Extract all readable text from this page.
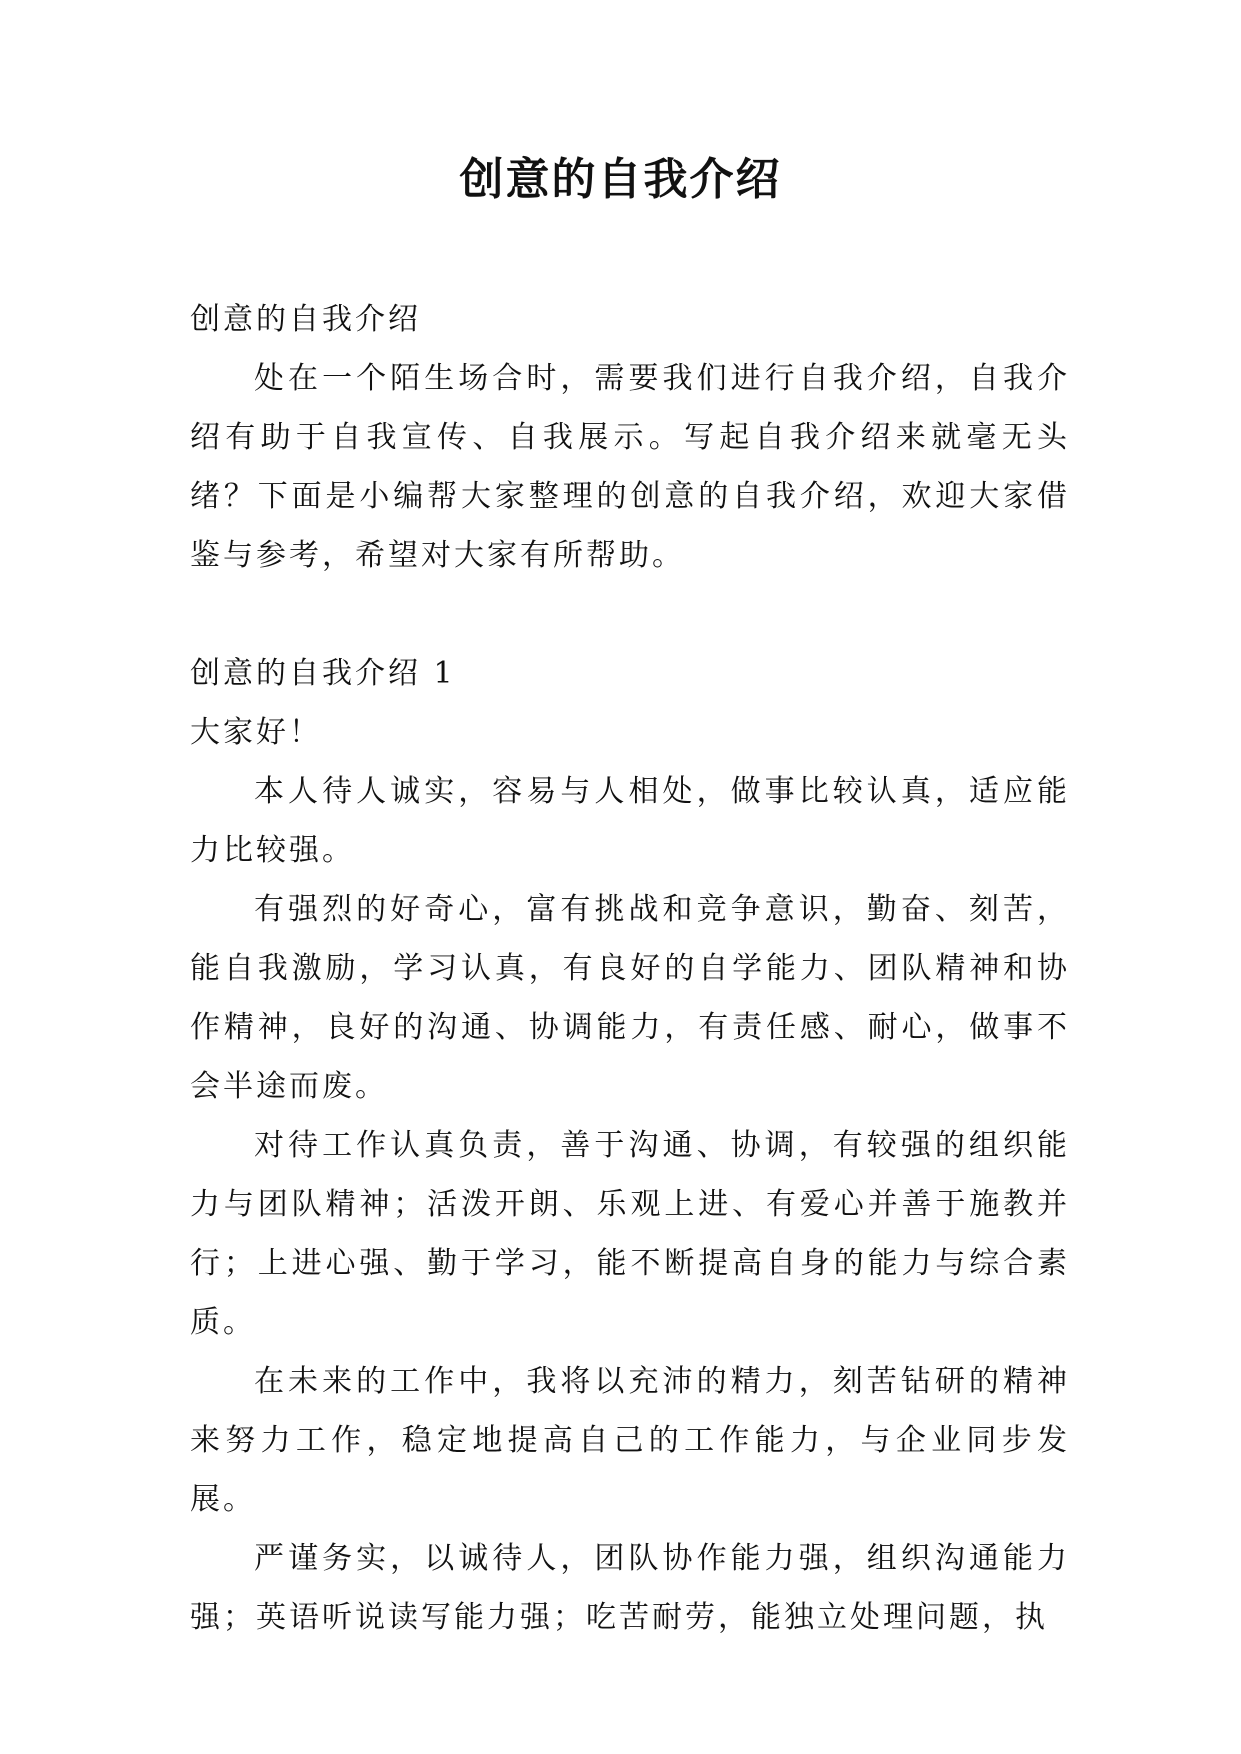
创意的自我介绍

创意的自我介绍

处在一个陌生场合时，需要我们进行自我介绍，自我介绍有助于自我宣传、自我展示。写起自我介绍来就毫无头绪？下面是小编帮大家整理的创意的自我介绍，欢迎大家借鉴与参考，希望对大家有所帮助。

创意的自我介绍 1

大家好！

本人待人诚实，容易与人相处，做事比较认真，适应能力比较强。

有强烈的好奇心，富有挑战和竞争意识，勤奋、刻苦，能自我激励，学习认真，有良好的自学能力、团队精神和协作精神，良好的沟通、协调能力，有责任感、耐心，做事不会半途而废。

对待工作认真负责，善于沟通、协调，有较强的组织能力与团队精神；活泼开朗、乐观上进、有爱心并善于施教并行；上进心强、勤于学习，能不断提高自身的能力与综合素质。

在未来的工作中，我将以充沛的精力，刻苦钻研的精神来努力工作，稳定地提高自己的工作能力，与企业同步发展。

严谨务实，以诚待人，团队协作能力强，组织沟通能力强；英语听说读写能力强；吃苦耐劳，能独立处理问题，执
